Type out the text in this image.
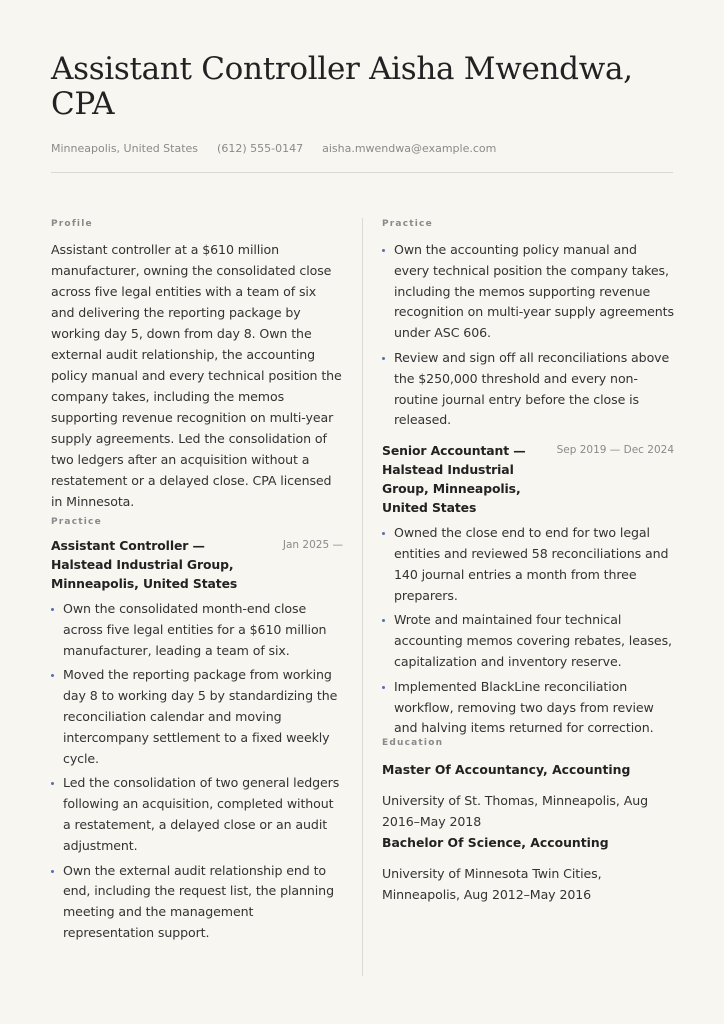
Assistant Controller Aisha Mwendwa, CPA
Minneapolis, United States (612) 555-0147 aisha.mwendwa@example.com
Profile

Assistant controller at a $610 million manufacturer, owning the consolidated close across five legal entities with a team of six and delivering the reporting package by working day 5, down from day 8. Own the external audit relationship, the accounting policy manual and every technical position the company takes, including the memos supporting revenue recognition on multi-year supply agreements. Led the consolidation of two ledgers after an acquisition without a restatement or a delayed close. CPA licensed in Minnesota.

Practice
Assistant Controller — Halstead Industrial Group, Minneapolis, United States
Jan 2025 —
Own the consolidated month-end close across five legal entities for a $610 million manufacturer, leading a team of six.
Moved the reporting package from working day 8 to working day 5 by standardizing the reconciliation calendar and moving intercompany settlement to a fixed weekly cycle.
Led the consolidation of two general ledgers following an acquisition, completed without a restatement, a delayed close or an audit adjustment.
Own the external audit relationship end to end, including the request list, the planning meeting and the management representation support.
Practice
Own the accounting policy manual and every technical position the company takes, including the memos supporting revenue recognition on multi-year supply agreements under ASC 606.
Review and sign off all reconciliations above the $250,000 threshold and every non-routine journal entry before the close is released.
Senior Accountant — Halstead Industrial Group, Minneapolis, United States
Sep 2019 — Dec 2024
Owned the close end to end for two legal entities and reviewed 58 reconciliations and 140 journal entries a month from three preparers.
Wrote and maintained four technical accounting memos covering rebates, leases, capitalization and inventory reserve.
Implemented BlackLine reconciliation workflow, removing two days from review and halving items returned for correction.
Education
Master Of Accountancy, Accounting
University of St. Thomas, Minneapolis, Aug 2016–May 2018
Bachelor Of Science, Accounting
University of Minnesota Twin Cities, Minneapolis, Aug 2012–May 2016
